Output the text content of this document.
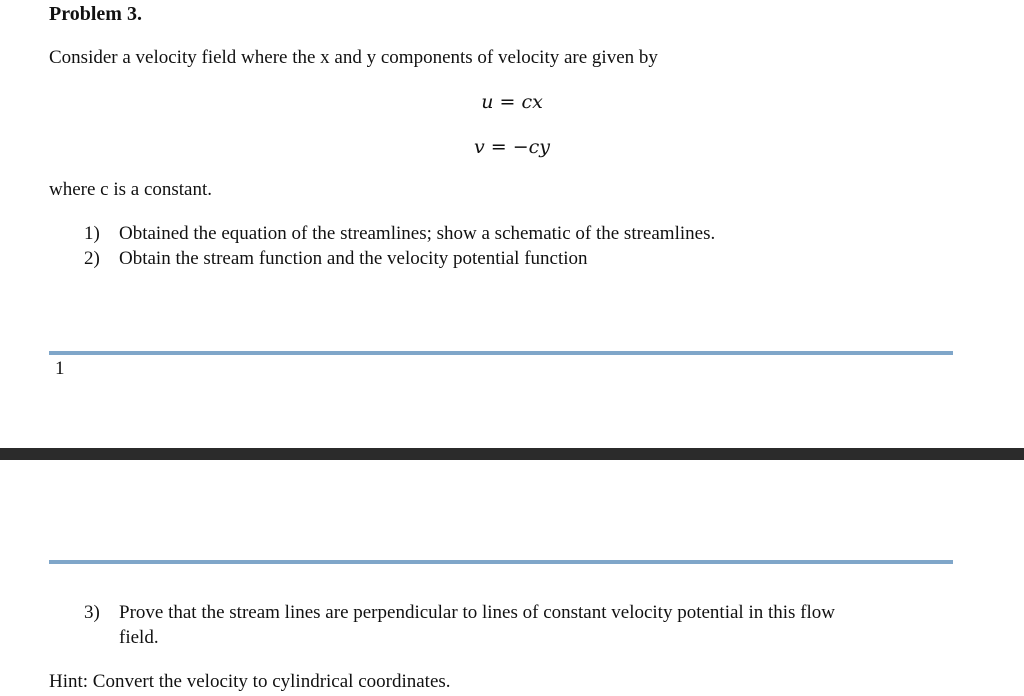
Problem 3.
Consider a velocity field where the x and y components of velocity are given by
u = cx
v = −cy
where c is a constant.
1) Obtained the equation of the streamlines; show a schematic of the streamlines.
2) Obtain the stream function and the velocity potential function
1
3) Prove that the stream lines are perpendicular to lines of constant velocity potential in this flow
field.
Hint: Convert the velocity to cylindrical coordinates.
